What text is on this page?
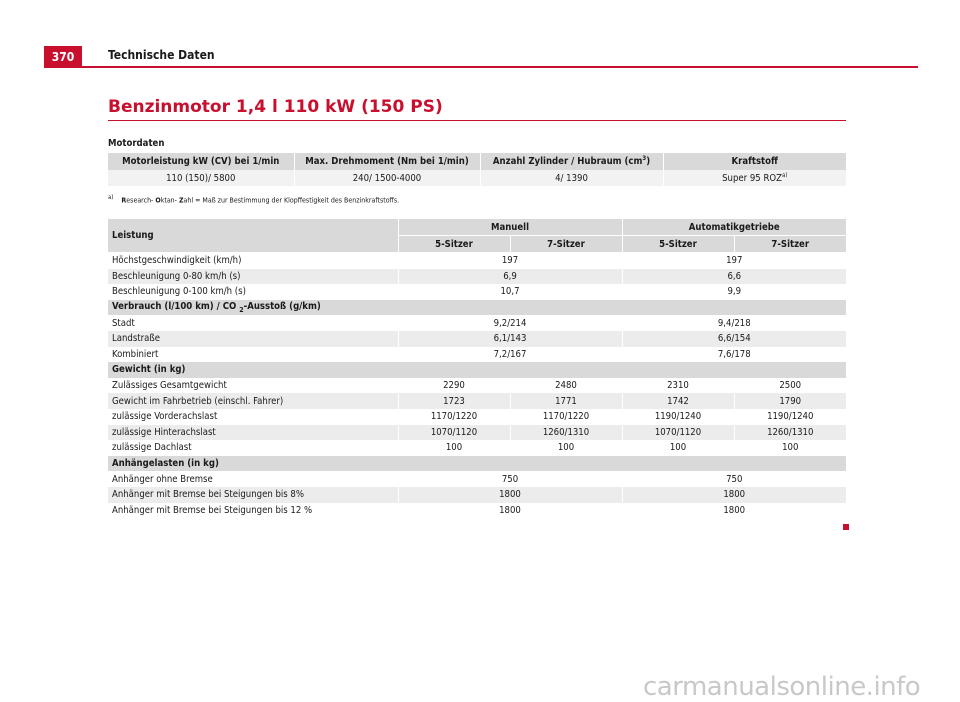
370	Technische Daten
Benzinmotor 1,4 l 110 kW (150 PS)
Motordaten
Motorleistung kW (CV) bei 1/min	Max. Drehmoment (Nm bei 1/min)	Anzahl Zylinder / Hubraum $(cm^3)$	Kraftstoff
110 (150)/ 5800	240/ 1500-4000	4/ 1390	Super 95 ROZ$^{a)}$
a) Research- Oktan- Zahl = Maß zur Bestimmung der Klopffestigkeit des Benzinkraftstoffs.
Leistung	Manuell		Automatikgetriebe	
	5-Sitzer	7-Sitzer	5-Sitzer	7-Sitzer
Höchstgeschwindigkeit (km/h)	197		197	
Beschleunigung 0-80 km/h (s)	6,9		6,6	
Beschleunigung 0-100 km/h (s)	10,7		9,9	
Verbrauch (l/100 km) / CO $_2$-Ausstoß (g/km)				
Stadt	9,2/214		9,4/218	
Landstraße	6,1/143		6,6/154	
Kombiniert	7,2/167		7,6/178	
Gewicht (in kg)				
Zulässiges Gesamtgewicht	2290	2480	2310	2500
Gewicht im Fahrbetrieb (einschl. Fahrer)	1723	1771	1742	1790
zulässige Vorderachslast	1170/1220	1170/1220	1190/1240	1190/1240
zulässige Hinterachslast	1070/1120	1260/1310	1070/1120	1260/1310
zulässige Dachlast	100	100	100	100
Anhängelasten (in kg)				
Anhänger ohne Bremse	750		750	
Anhänger mit Bremse bei Steigungen bis 8%	1800		1800	
Anhänger mit Bremse bei Steigungen bis 12 %	1800		1800	
carmanualsonline.info
